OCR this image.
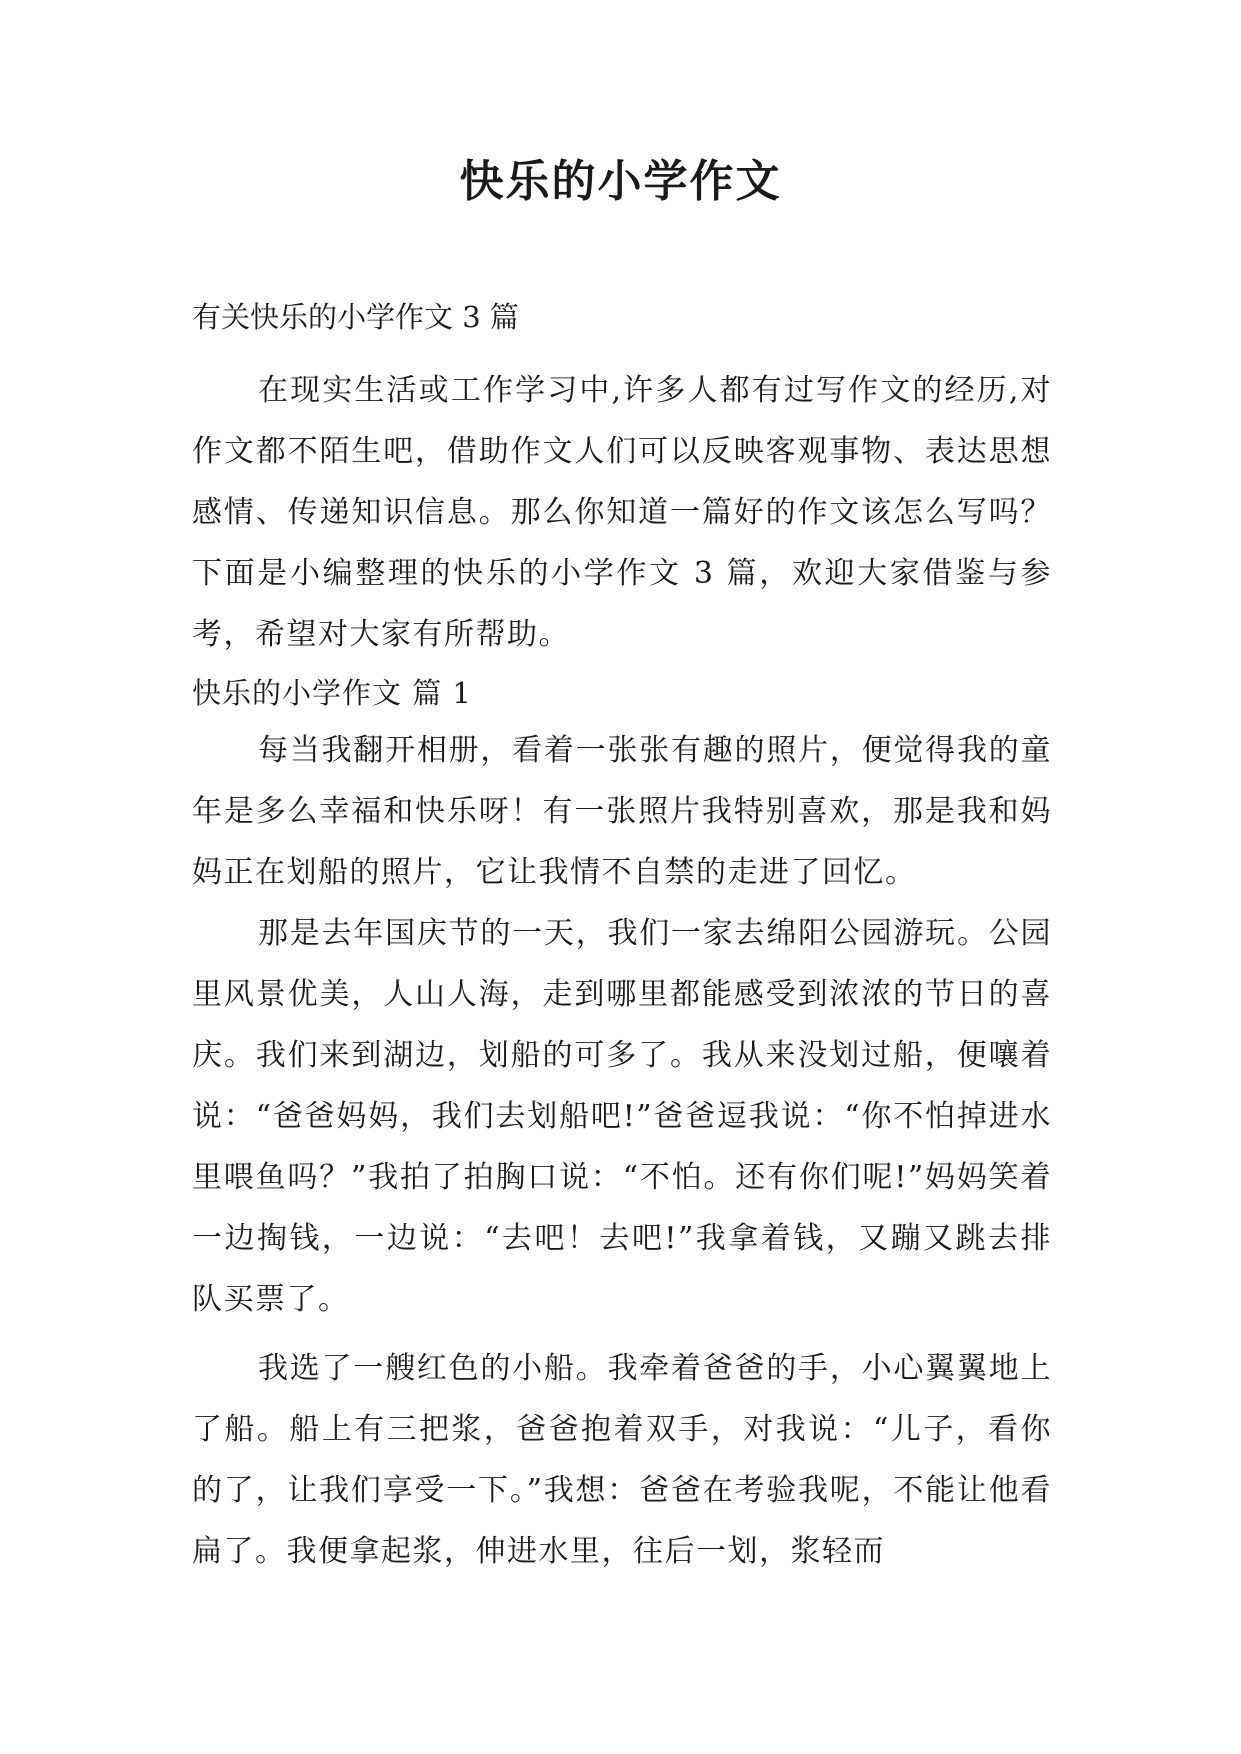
快乐的小学作文

有关快乐的小学作文 3 篇

在现实生活或工作学习中,许多人都有过写作文的经历,对作文都不陌生吧，借助作文人们可以反映客观事物、表达思想感情、传递知识信息。那么你知道一篇好的作文该怎么写吗？下面是小编整理的快乐的小学作文 3 篇，欢迎大家借鉴与参考，希望对大家有所帮助。

快乐的小学作文 篇 1

每当我翻开相册，看着一张张有趣的照片，便觉得我的童年是多么幸福和快乐呀！有一张照片我特别喜欢，那是我和妈妈正在划船的照片，它让我情不自禁的走进了回忆。

那是去年国庆节的一天，我们一家去绵阳公园游玩。公园里风景优美，人山人海，走到哪里都能感受到浓浓的节日的喜庆。我们来到湖边，划船的可多了。我从来没划过船，便嚷着说：“爸爸妈妈，我们去划船吧!”爸爸逗我说：“你不怕掉进水里喂鱼吗？”我拍了拍胸口说：“不怕。还有你们呢!”妈妈笑着一边掏钱，一边说：“去吧！去吧!”我拿着钱，又蹦又跳去排队买票了。

我选了一艘红色的小船。我牵着爸爸的手，小心翼翼地上了船。船上有三把浆，爸爸抱着双手，对我说：“儿子，看你的了，让我们享受一下。”我想：爸爸在考验我呢，不能让他看扁了。我便拿起浆，伸进水里，往后一划，浆轻而
